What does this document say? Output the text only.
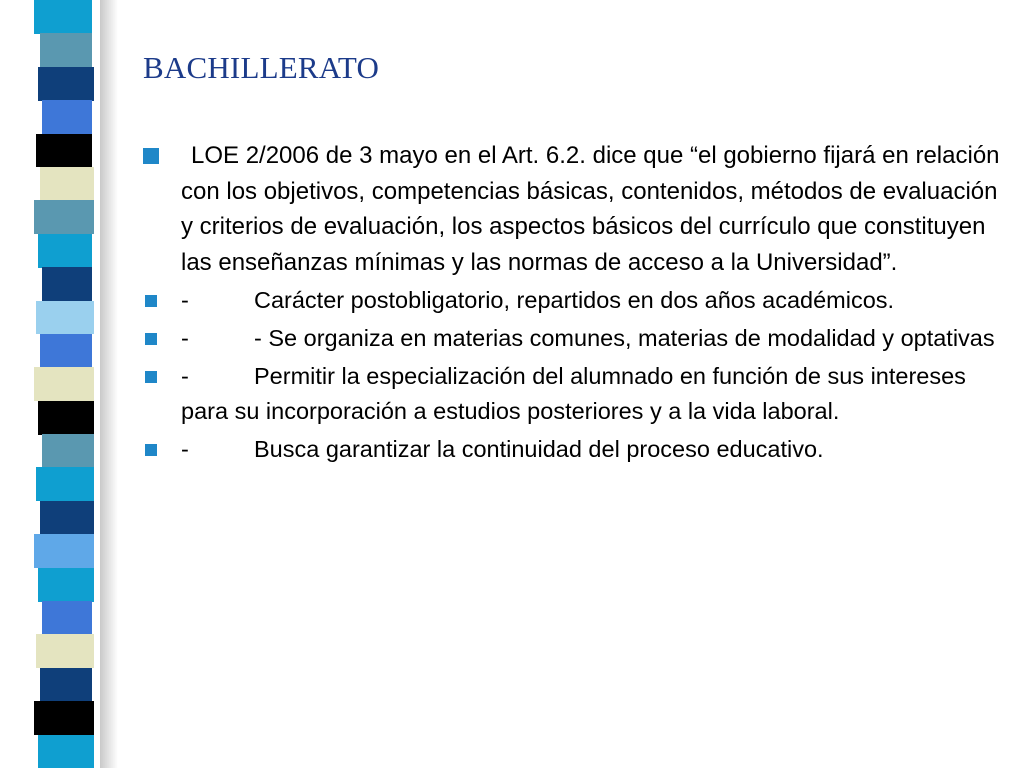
BACHILLERATO
LOE 2/2006 de 3 mayo en el Art. 6.2. dice que “el gobierno fijará en relación con los objetivos, competencias básicas, contenidos, métodos de evaluación y criterios de evaluación, los aspectos básicos del currículo que constituyen las enseñanzas mínimas y las normas de acceso a la Universidad”.
-	Carácter postobligatorio, repartidos en dos años académicos.
-	- Se organiza en materias comunes, materias de modalidad y optativas
-	Permitir la especialización del alumnado en función de sus intereses para su incorporación a estudios posteriores y a la vida laboral.
-	Busca garantizar la continuidad del proceso educativo.
